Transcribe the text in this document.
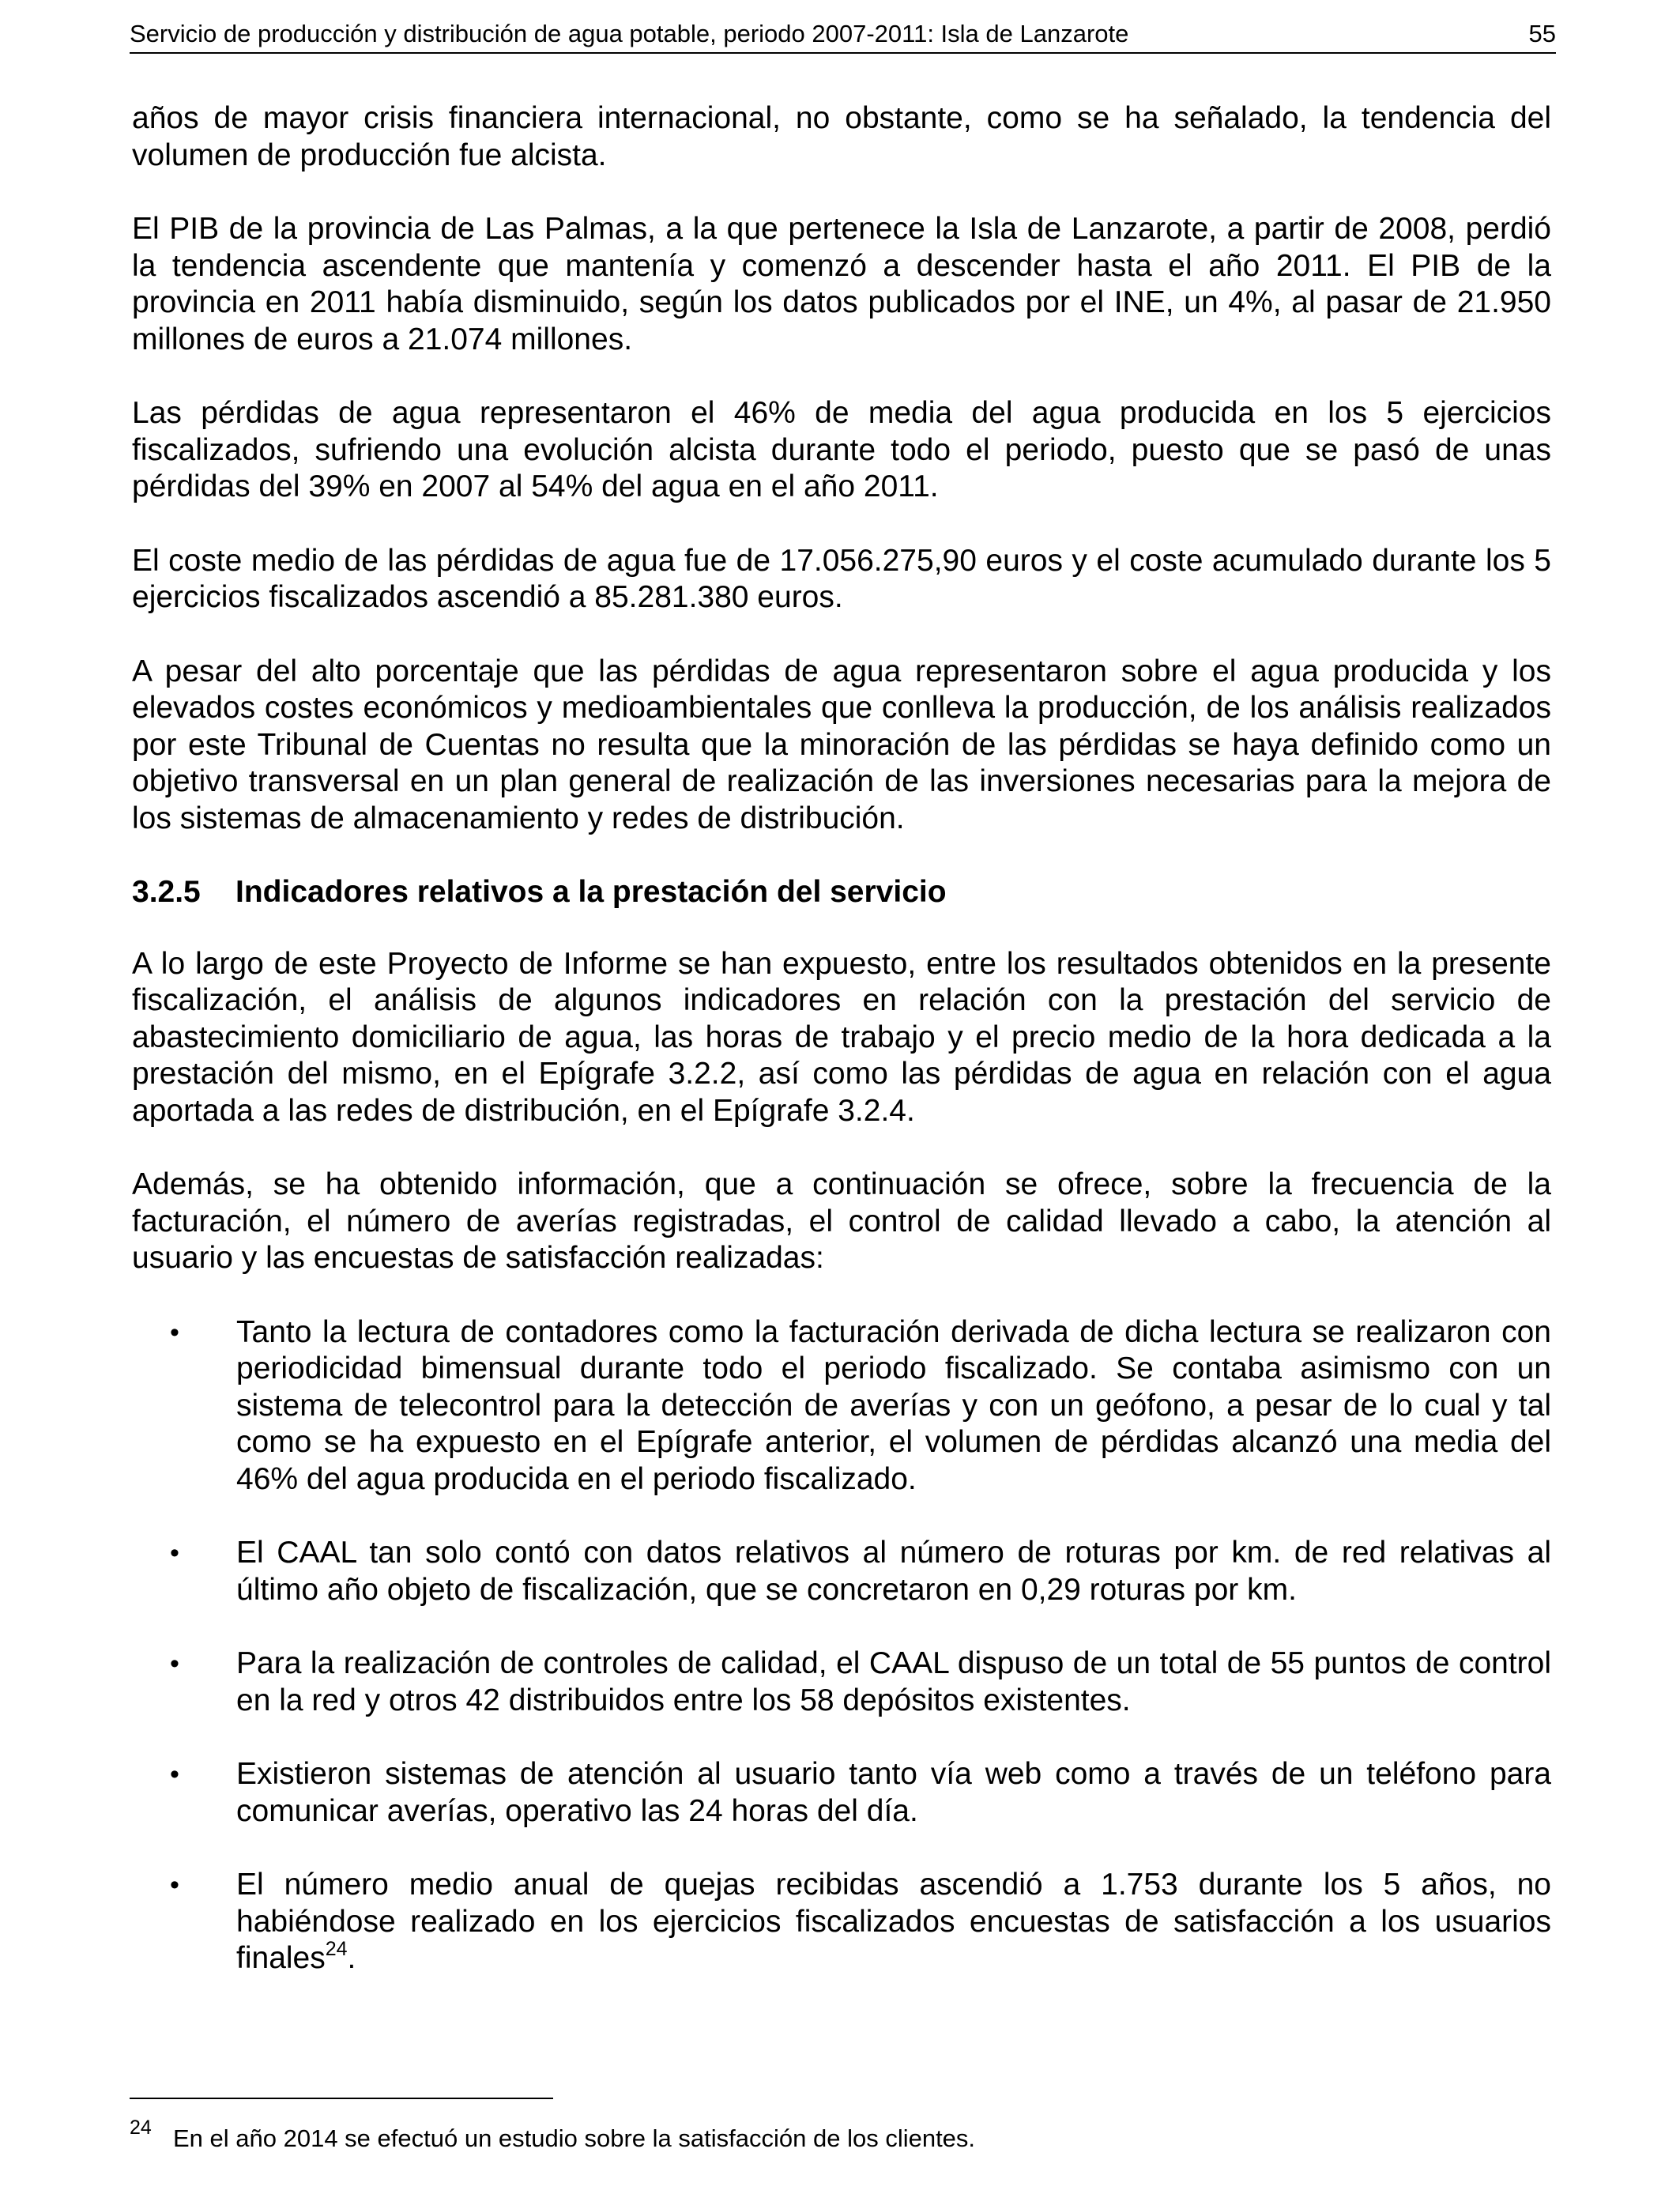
Servicio de producción y distribución de agua potable, periodo 2007-2011: Isla de Lanzarote	55

años de mayor crisis financiera internacional, no obstante, como se ha señalado, la tendencia del volumen de producción fue alcista.

El PIB de la provincia de Las Palmas, a la que pertenece la Isla de Lanzarote, a partir de 2008, perdió la tendencia ascendente que mantenía y comenzó a descender hasta el año 2011. El PIB de la provincia en 2011 había disminuido, según los datos publicados por el INE, un 4%, al pasar de 21.950 millones de euros a 21.074 millones.

Las pérdidas de agua representaron el 46% de media del agua producida en los 5 ejercicios fiscalizados, sufriendo una evolución alcista durante todo el periodo, puesto que se pasó de unas pérdidas del 39% en 2007 al 54% del agua en el año 2011.

El coste medio de las pérdidas de agua fue de 17.056.275,90 euros y el coste acumulado durante los 5 ejercicios fiscalizados ascendió a 85.281.380 euros.

A pesar del alto porcentaje que las pérdidas de agua representaron sobre el agua producida y los elevados costes económicos y medioambientales que conlleva la producción, de los análisis realizados por este Tribunal de Cuentas no resulta que la minoración de las pérdidas se haya definido como un objetivo transversal en un plan general de realización de las inversiones necesarias para la mejora de los sistemas de almacenamiento y redes de distribución.

3.2.5 Indicadores relativos a la prestación del servicio

A lo largo de este Proyecto de Informe se han expuesto, entre los resultados obtenidos en la presente fiscalización, el análisis de algunos indicadores en relación con la prestación del servicio de abastecimiento domiciliario de agua, las horas de trabajo y el precio medio de la hora dedicada a la prestación del mismo, en el Epígrafe 3.2.2, así como las pérdidas de agua en relación con el agua aportada a las redes de distribución, en el Epígrafe 3.2.4.

Además, se ha obtenido información, que a continuación se ofrece, sobre la frecuencia de la facturación, el número de averías registradas, el control de calidad llevado a cabo, la atención al usuario y las encuestas de satisfacción realizadas:

• Tanto la lectura de contadores como la facturación derivada de dicha lectura se realizaron con periodicidad bimensual durante todo el periodo fiscalizado. Se contaba asimismo con un sistema de telecontrol para la detección de averías y con un geófono, a pesar de lo cual y tal como se ha expuesto en el Epígrafe anterior, el volumen de pérdidas alcanzó una media del 46% del agua producida en el periodo fiscalizado.
• El CAAL tan solo contó con datos relativos al número de roturas por km. de red relativas al último año objeto de fiscalización, que se concretaron en 0,29 roturas por km.
• Para la realización de controles de calidad, el CAAL dispuso de un total de 55 puntos de control en la red y otros 42 distribuidos entre los 58 depósitos existentes.
• Existieron sistemas de atención al usuario tanto vía web como a través de un teléfono para comunicar averías, operativo las 24 horas del día.
• El número medio anual de quejas recibidas ascendió a 1.753 durante los 5 años, no habiéndose realizado en los ejercicios fiscalizados encuestas de satisfacción a los usuarios finales$^{24}$.
24 En el año 2014 se efectuó un estudio sobre la satisfacción de los clientes.
